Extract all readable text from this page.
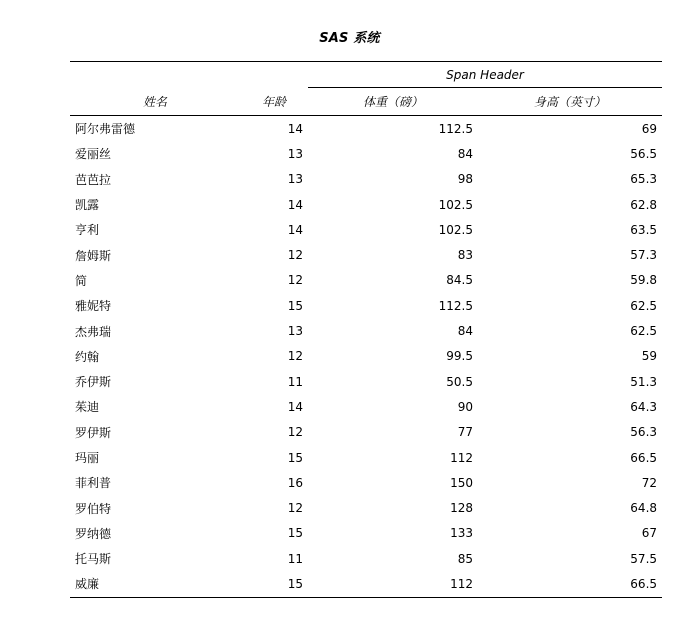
SAS 系统
		Span Header	
姓名	年龄	体重（磅）	身高（英寸）
阿尔弗雷德	14	112.5	69
爱丽丝	13	84	56.5
芭芭拉	13	98	65.3
凯露	14	102.5	62.8
亨利	14	102.5	63.5
詹姆斯	12	83	57.3
简	12	84.5	59.8
雅妮特	15	112.5	62.5
杰弗瑞	13	84	62.5
约翰	12	99.5	59
乔伊斯	11	50.5	51.3
茱迪	14	90	64.3
罗伊斯	12	77	56.3
玛丽	15	112	66.5
菲利普	16	150	72
罗伯特	12	128	64.8
罗纳德	15	133	67
托马斯	11	85	57.5
威廉	15	112	66.5
